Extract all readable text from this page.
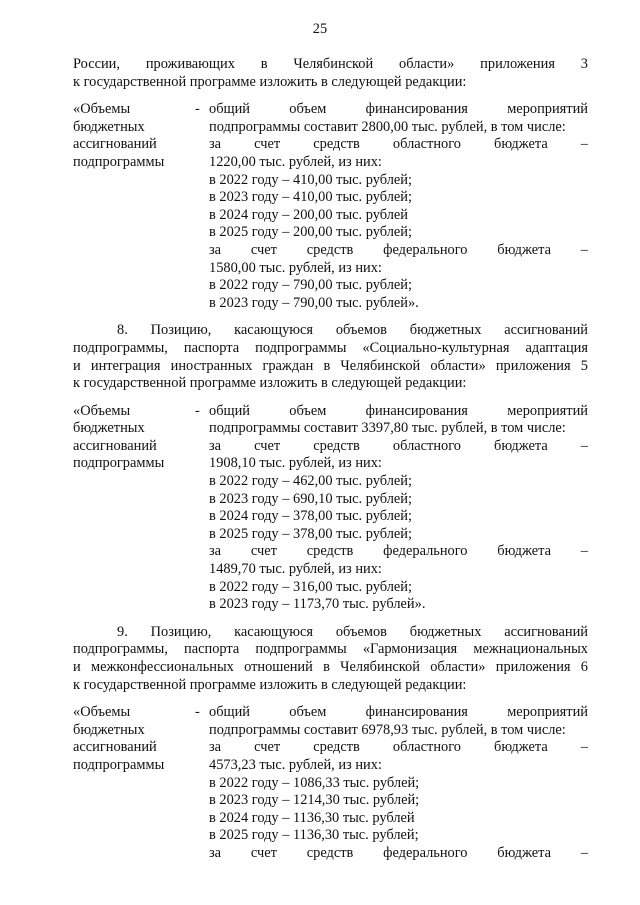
25
России, проживающих в Челябинской области» приложения 3
к государственной программе изложить в следующей редакции:
«Объемы
бюджетных
ассигнований
подпрограммы
- общий объем финансирования мероприятий
подпрограммы составит 2800,00 тыс. рублей, в том числе:
за счет средств областного бюджета –
1220,00 тыс. рублей, из них:
в 2022 году – 410,00 тыс. рублей;
в 2023 году – 410,00 тыс. рублей;
в 2024 году – 200,00 тыс. рублей
в 2025 году – 200,00 тыс. рублей;
за счет средств федерального бюджета –
1580,00 тыс. рублей, из них:
в 2022 году – 790,00 тыс. рублей;
в 2023 году – 790,00 тыс. рублей».
8. Позицию, касающуюся объемов бюджетных ассигнований
подпрограммы, паспорта подпрограммы «Социально-культурная адаптация
и интеграция иностранных граждан в Челябинской области» приложения 5
к государственной программе изложить в следующей редакции:
«Объемы
бюджетных
ассигнований
подпрограммы
- общий объем финансирования мероприятий
подпрограммы составит 3397,80 тыс. рублей, в том числе:
за счет средств областного бюджета –
1908,10 тыс. рублей, из них:
в 2022 году – 462,00 тыс. рублей;
в 2023 году – 690,10 тыс. рублей;
в 2024 году – 378,00 тыс. рублей;
в 2025 году – 378,00 тыс. рублей;
за счет средств федерального бюджета –
1489,70 тыс. рублей, из них:
в 2022 году – 316,00 тыс. рублей;
в 2023 году – 1173,70 тыс. рублей».
9. Позицию, касающуюся объемов бюджетных ассигнований
подпрограммы, паспорта подпрограммы «Гармонизация межнациональных
и межконфессиональных отношений в Челябинской области» приложения 6
к государственной программе изложить в следующей редакции:
«Объемы
бюджетных
ассигнований
подпрограммы
- общий объем финансирования мероприятий
подпрограммы составит 6978,93 тыс. рублей, в том числе:
за счет средств областного бюджета –
4573,23 тыс. рублей, из них:
в 2022 году – 1086,33 тыс. рублей;
в 2023 году – 1214,30 тыс. рублей;
в 2024 году – 1136,30 тыс. рублей
в 2025 году – 1136,30 тыс. рублей;
за счет средств федерального бюджета –
